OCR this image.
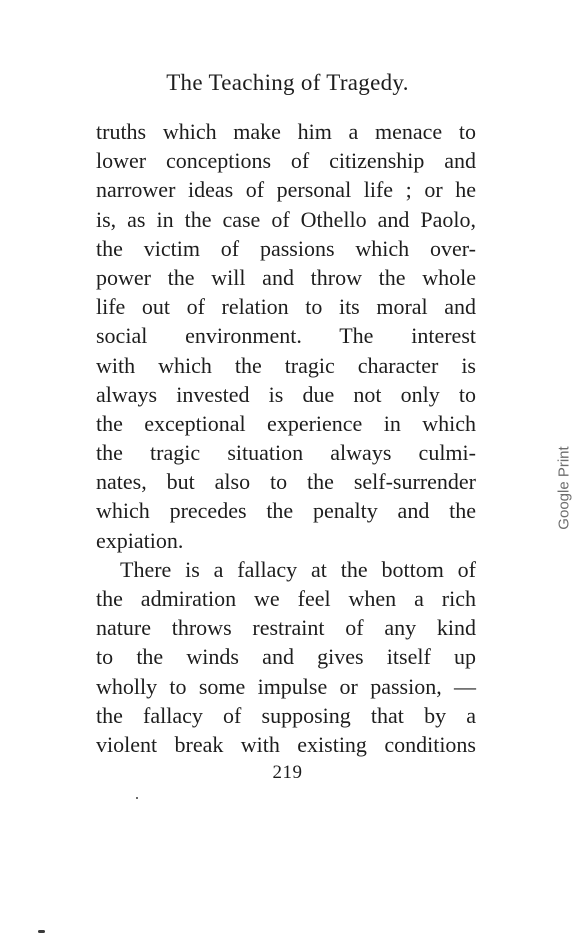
The Teaching of Tragedy.
truths which make him a menace to
lower conceptions of citizenship and
narrower ideas of personal life ; or he
is, as in the case of Othello and Paolo,
the victim of passions which over-
power the will and throw the whole
life out of relation to its moral and
social environment. The interest
with which the tragic character is
always invested is due not only to
the exceptional experience in which
the tragic situation always culmi-
nates, but also to the self-surrender
which precedes the penalty and the
expiation.
There is a fallacy at the bottom of
the admiration we feel when a rich
nature throws restraint of any kind
to the winds and gives itself up
wholly to some impulse or passion, —
the fallacy of supposing that by a
violent break with existing conditions
219
Google Print
